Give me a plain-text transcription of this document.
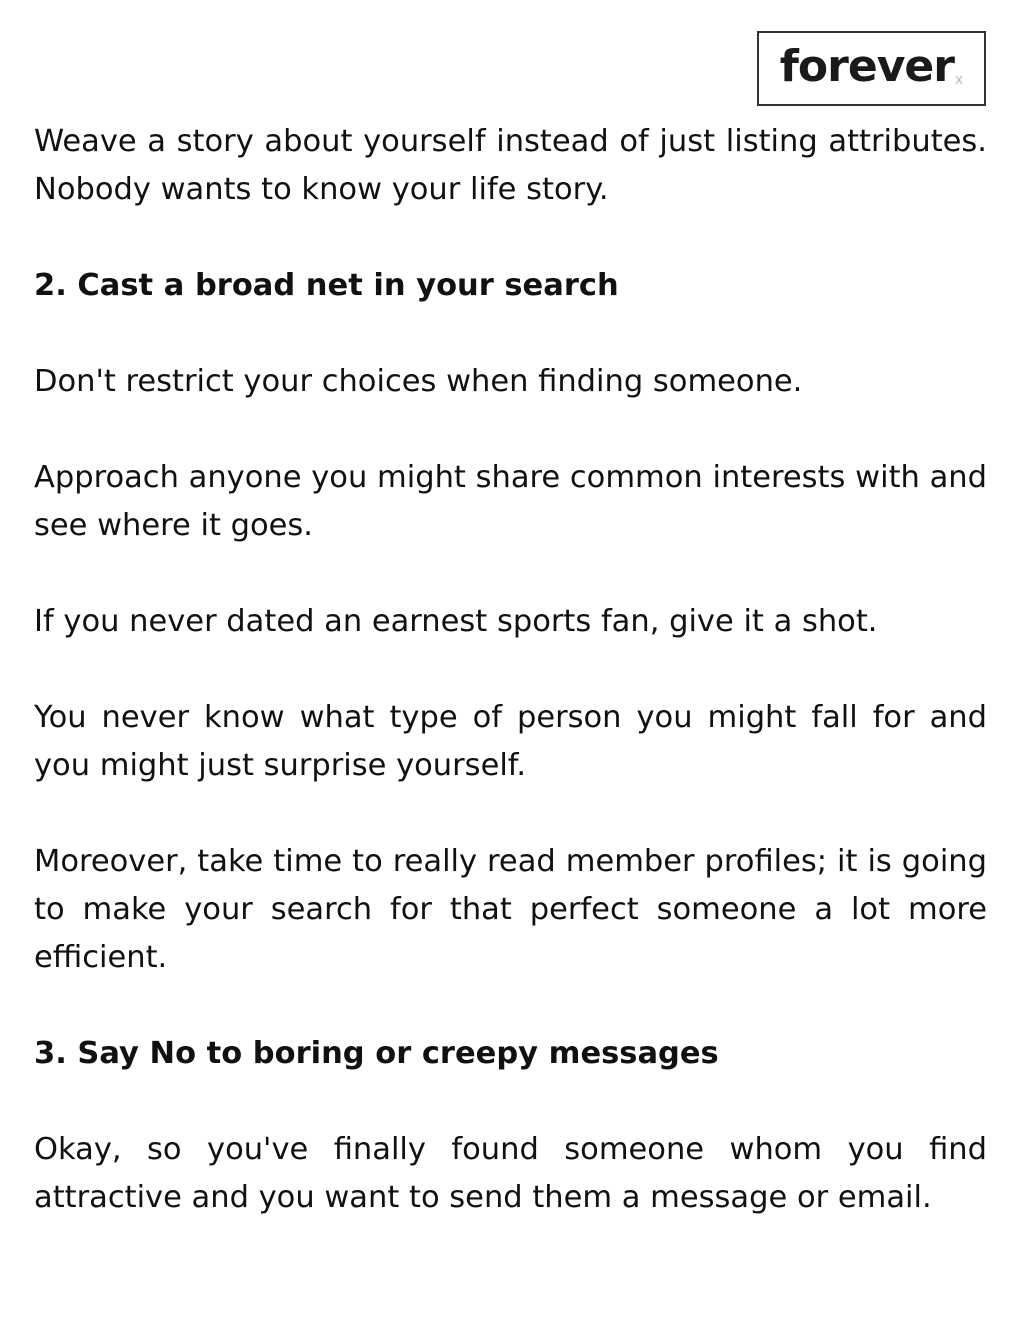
forever x

Weave a story about yourself instead of just listing attributes. Nobody wants to know your life story.

2. Cast a broad net in your search

Don't restrict your choices when finding someone.

Approach anyone you might share common interests with and see where it goes.

If you never dated an earnest sports fan, give it a shot.

You never know what type of person you might fall for and you might just surprise yourself.

Moreover, take time to really read member profiles; it is going to make your search for that perfect someone a lot more efficient.

3. Say No to boring or creepy messages

Okay, so you've finally found someone whom you find attractive and you want to send them a message or email.
